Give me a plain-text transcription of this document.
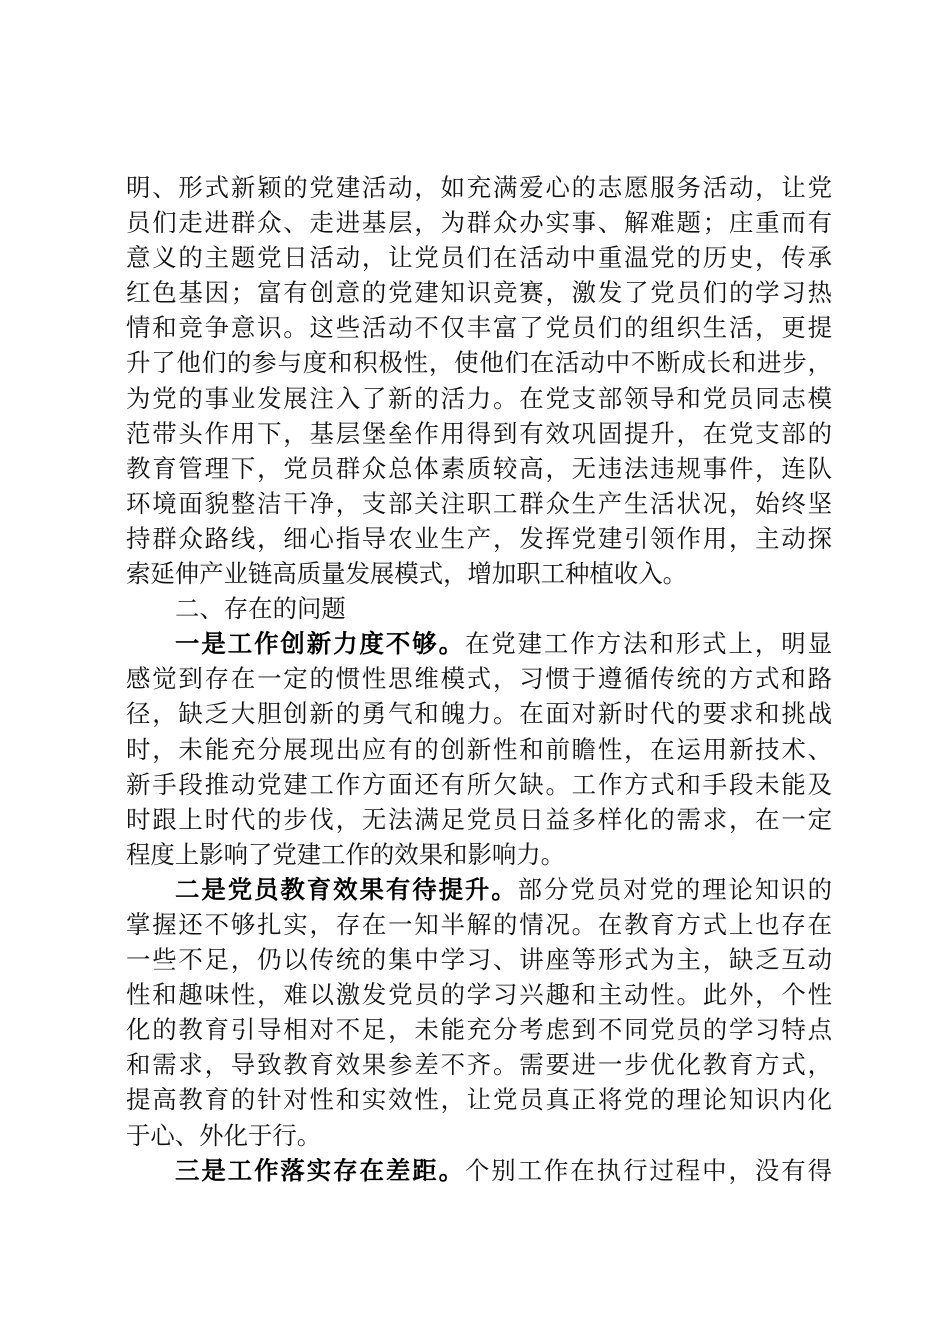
明、形式新颖的党建活动，如充满爱心的志愿服务活动，让党
员们走进群众、走进基层，为群众办实事、解难题；庄重而有
意义的主题党日活动，让党员们在活动中重温党的历史，传承
红色基因；富有创意的党建知识竞赛，激发了党员们的学习热
情和竞争意识。这些活动不仅丰富了党员们的组织生活，更提
升了他们的参与度和积极性，使他们在活动中不断成长和进步，
为党的事业发展注入了新的活力。在党支部领导和党员同志模
范带头作用下，基层堡垒作用得到有效巩固提升，在党支部的
教育管理下，党员群众总体素质较高，无违法违规事件，连队
环境面貌整洁干净，支部关注职工群众生产生活状况，始终坚
持群众路线，细心指导农业生产，发挥党建引领作用，主动探
索延伸产业链高质量发展模式，增加职工种植收入。
二、存在的问题
一是工作创新力度不够。在党建工作方法和形式上，明显
感觉到存在一定的惯性思维模式，习惯于遵循传统的方式和路
径，缺乏大胆创新的勇气和魄力。在面对新时代的要求和挑战
时，未能充分展现出应有的创新性和前瞻性，在运用新技术、
新手段推动党建工作方面还有所欠缺。工作方式和手段未能及
时跟上时代的步伐，无法满足党员日益多样化的需求，在一定
程度上影响了党建工作的效果和影响力。
二是党员教育效果有待提升。部分党员对党的理论知识的
掌握还不够扎实，存在一知半解的情况。在教育方式上也存在
一些不足，仍以传统的集中学习、讲座等形式为主，缺乏互动
性和趣味性，难以激发党员的学习兴趣和主动性。此外，个性
化的教育引导相对不足，未能充分考虑到不同党员的学习特点
和需求，导致教育效果参差不齐。需要进一步优化教育方式，
提高教育的针对性和实效性，让党员真正将党的理论知识内化
于心、外化于行。
三是工作落实存在差距。个别工作在执行过程中，没有得
